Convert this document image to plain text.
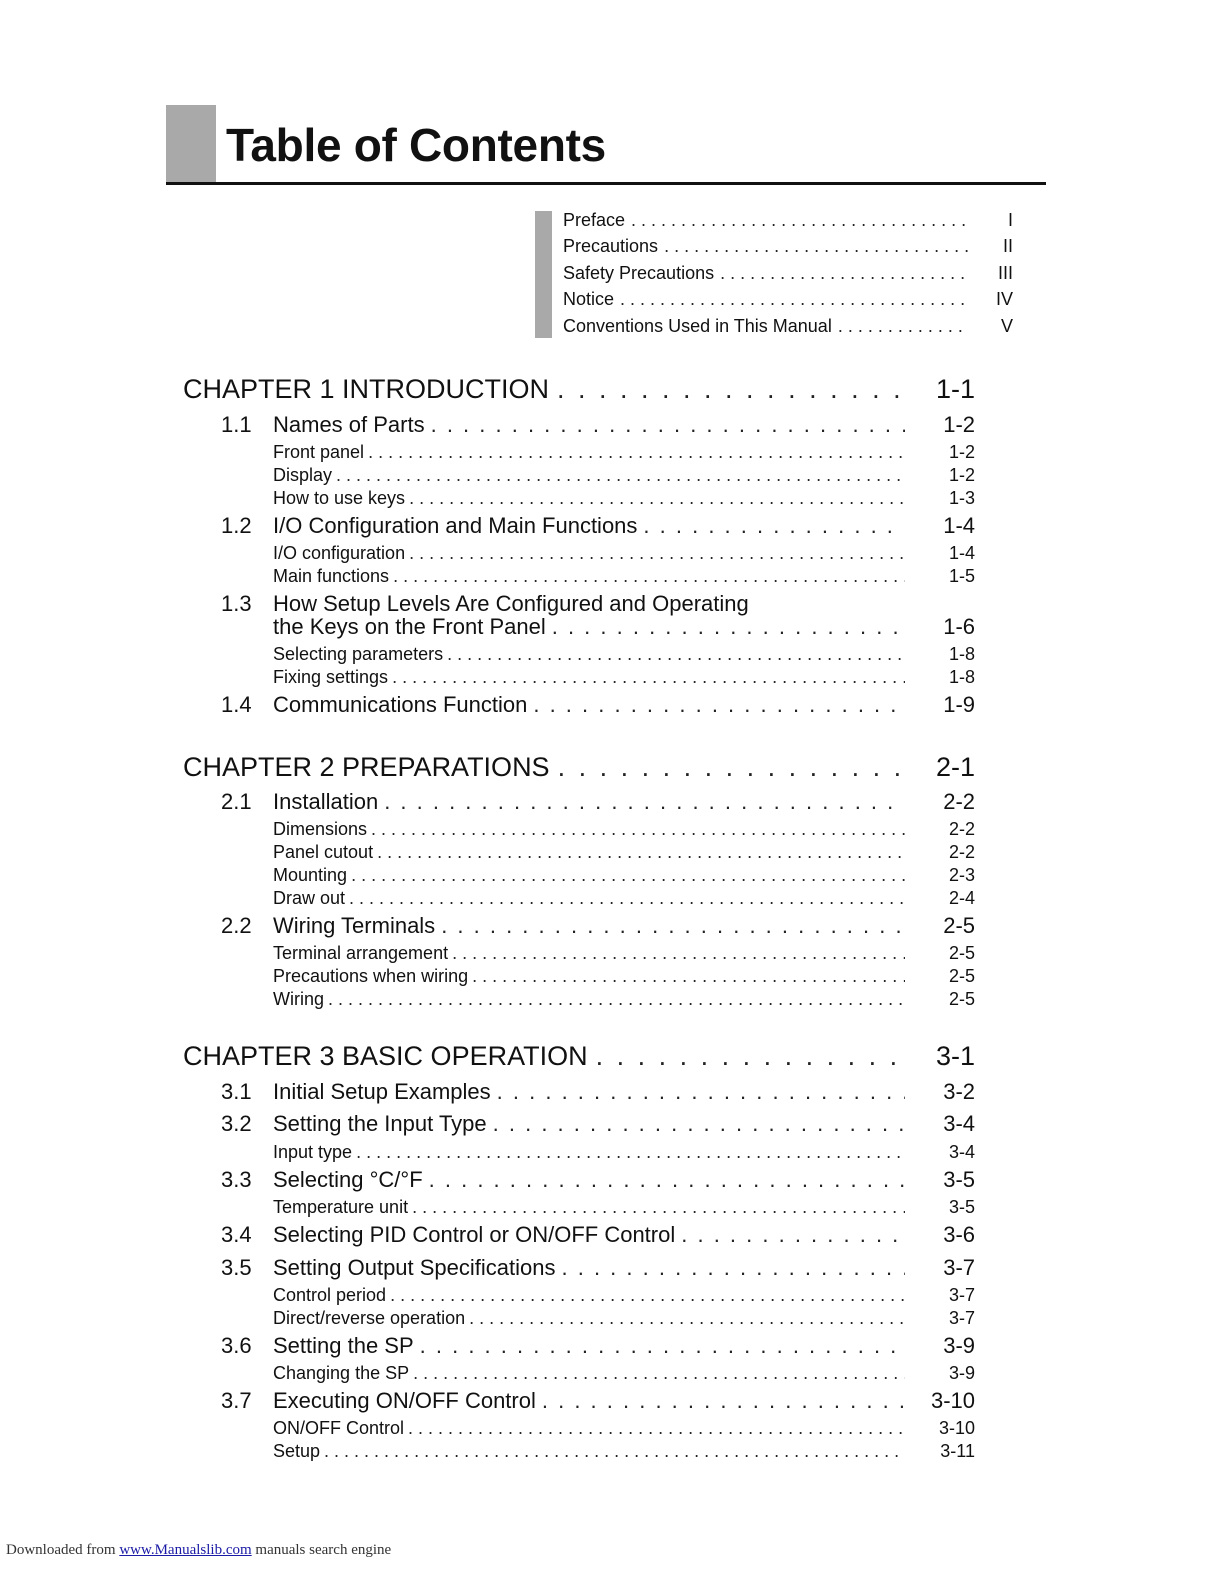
Table of Contents
Preface . . .	I
Precautions . . .	II
Safety Precautions . . .	III
Notice . . .	IV
Conventions Used in This Manual . . .	V
CHAPTER 1 INTRODUCTION . . .	1-1
1.1 Names of Parts . . .	1-2
Front panel . . .	1-2
Display . . .	1-2
How to use keys . . .	1-3
1.2 I/O Configuration and Main Functions . . .	1-4
I/O configuration . . .	1-4
Main functions . . .	1-5
1.3 How Setup Levels Are Configured and Operating
the Keys on the Front Panel . . .	1-6
Selecting parameters . . .	1-8
Fixing settings . . .	1-8
1.4 Communications Function . . .	1-9
CHAPTER 2 PREPARATIONS . . .	2-1
2.1 Installation . . .	2-2
Dimensions . . .	2-2
Panel cutout . . .	2-2
Mounting . . .	2-3
Draw out . . .	2-4
2.2 Wiring Terminals . . .	2-5
Terminal arrangement . . .	2-5
Precautions when wiring . . .	2-5
Wiring . . .	2-5
CHAPTER 3 BASIC OPERATION . . .	3-1
3.1 Initial Setup Examples . . .	3-2
3.2 Setting the Input Type . . .	3-4
Input type . . .	3-4
3.3 Selecting °C/°F . . .	3-5
Temperature unit . . .	3-5
3.4 Selecting PID Control or ON/OFF Control . . .	3-6
3.5 Setting Output Specifications . . .	3-7
Control period . . .	3-7
Direct/reverse operation . . .	3-7
3.6 Setting the SP . . .	3-9
Changing the SP . . .	3-9
3.7 Executing ON/OFF Control . . .	3-10
ON/OFF Control . . .	3-10
Setup . . .	3-11
Downloaded from www.Manualslib.com manuals search engine
